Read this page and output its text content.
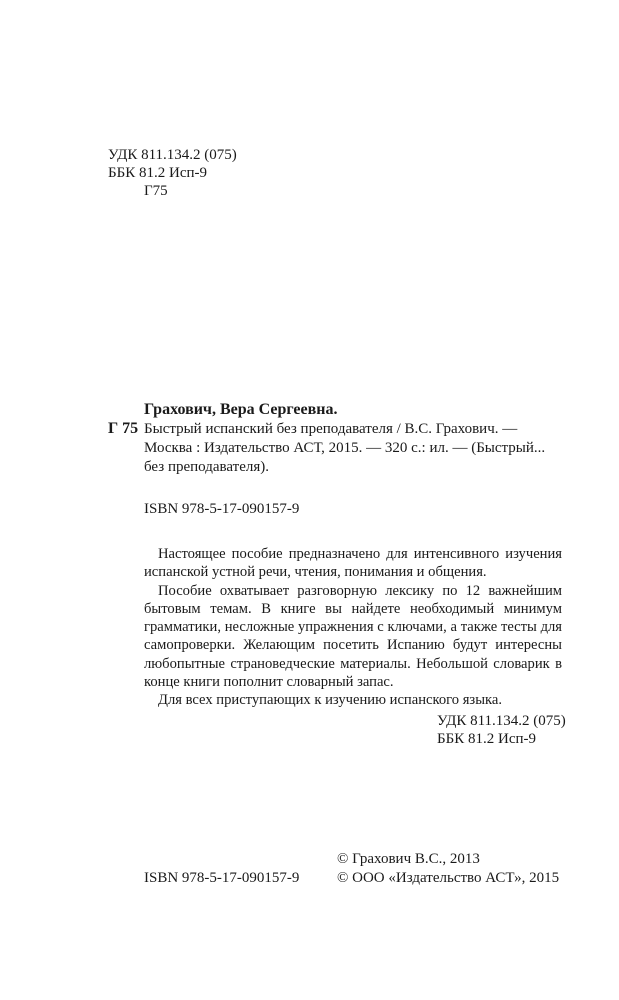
УДК 811.134.2 (075)
ББК 81.2 Исп-9
Г75
Грахович, Вера Сергеевна.
Г 75 Быстрый испанский без преподавателя / В.С. Грахович. —
Москва : Издательство АСТ, 2015. — 320 с.: ил. — (Быстрый...
без преподавателя).
ISBN 978-5-17-090157-9

Настоящее пособие предназначено для интенсивного изучения испанской устной речи, чтения, понимания и общения.

Пособие охватывает разговорную лексику по 12 важнейшим бытовым темам. В книге вы найдете необходимый минимум грамматики, несложные упражнения с ключами, а также тесты для самопроверки. Желающим посетить Испанию будут интересны любопытные страноведческие материалы. Небольшой словарик в конце книги пополнит словарный запас.

Для всех приступающих к изучению испанского языка.

УДК 811.134.2 (075)
ББК 81.2 Исп-9
© Грахович В.С., 2013
ISBN 978-5-17-090157-9	© ООО «Издательство АСТ», 2015
